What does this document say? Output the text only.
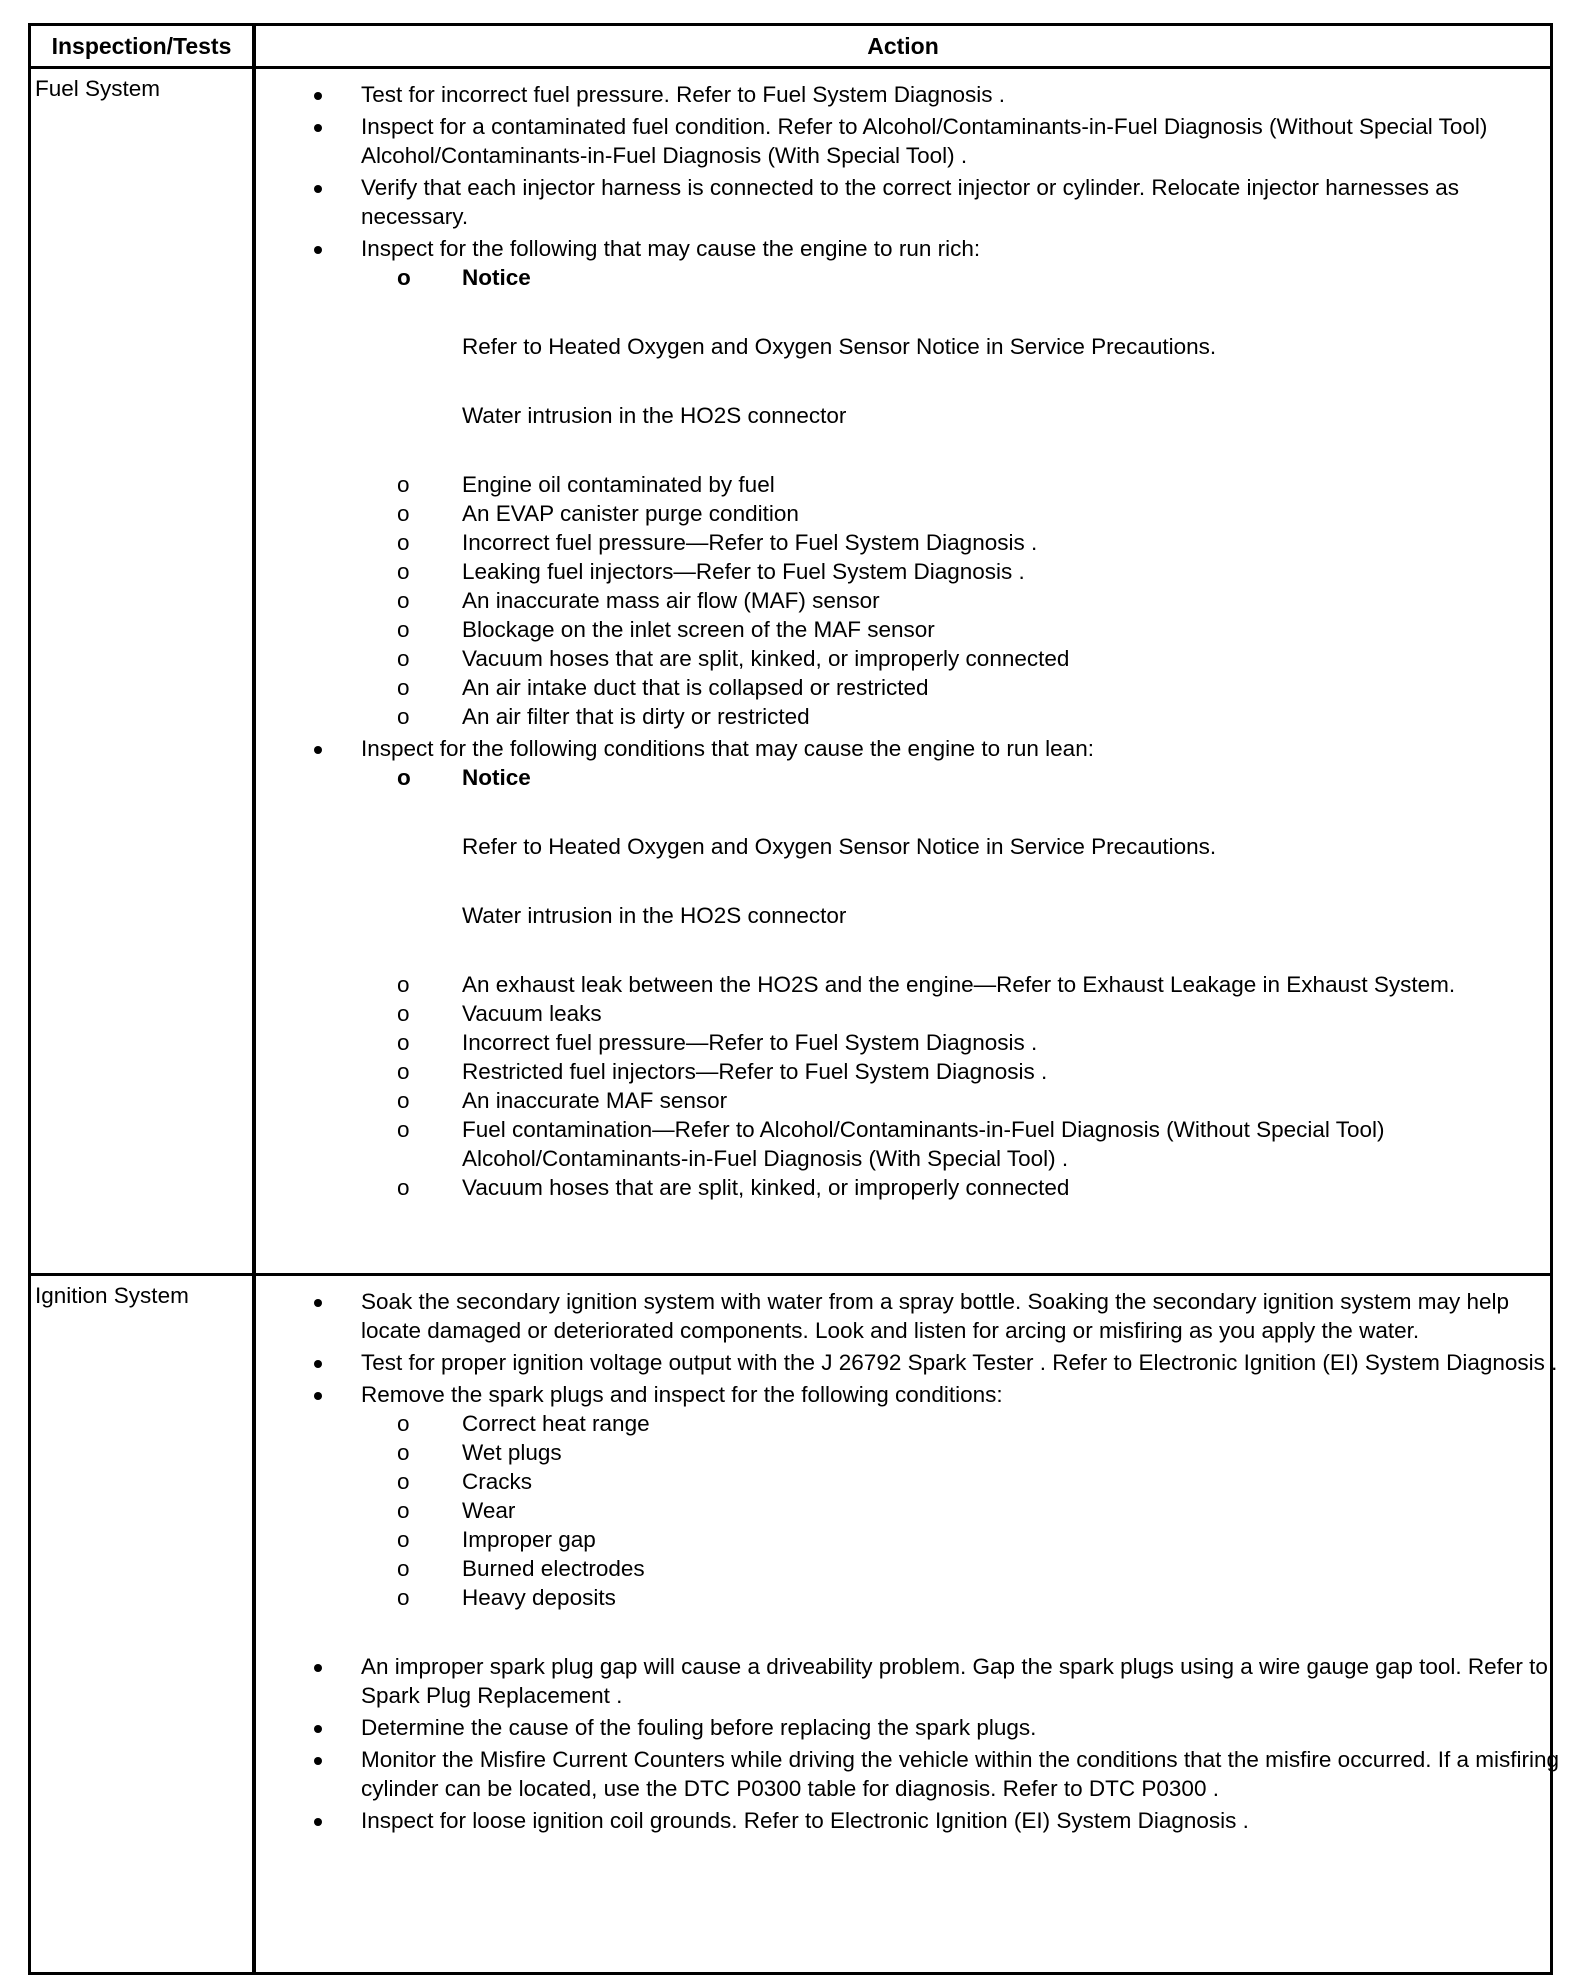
Inspection/Tests	Action
Fuel System	Test for incorrect fuel pressure. Refer to Fuel System Diagnosis .
Inspect for a contaminated fuel condition. Refer to Alcohol/Contaminants-in-Fuel Diagnosis (Without Special Tool) Alcohol/Contaminants-in-Fuel Diagnosis (With Special Tool) .
Verify that each injector harness is connected to the correct injector or cylinder. Relocate injector harnesses as necessary.
Inspect for the following that may cause the engine to run rich:
o Notice
Refer to Heated Oxygen and Oxygen Sensor Notice in Service Precautions.
Water intrusion in the HO2S connector
o Engine oil contaminated by fuel
o An EVAP canister purge condition
o Incorrect fuel pressure—Refer to Fuel System Diagnosis .
o Leaking fuel injectors—Refer to Fuel System Diagnosis .
o An inaccurate mass air flow (MAF) sensor
o Blockage on the inlet screen of the MAF sensor
o Vacuum hoses that are split, kinked, or improperly connected
o An air intake duct that is collapsed or restricted
o An air filter that is dirty or restricted
Inspect for the following conditions that may cause the engine to run lean:
o Notice
Refer to Heated Oxygen and Oxygen Sensor Notice in Service Precautions.
Water intrusion in the HO2S connector
o An exhaust leak between the HO2S and the engine—Refer to Exhaust Leakage in Exhaust System.
o Vacuum leaks
o Incorrect fuel pressure—Refer to Fuel System Diagnosis .
o Restricted fuel injectors—Refer to Fuel System Diagnosis .
o An inaccurate MAF sensor
o Fuel contamination—Refer to Alcohol/Contaminants-in-Fuel Diagnosis (Without Special Tool) Alcohol/Contaminants-in-Fuel Diagnosis (With Special Tool) .
o Vacuum hoses that are split, kinked, or improperly connected
Ignition System	Soak the secondary ignition system with water from a spray bottle. Soaking the secondary ignition system may help locate damaged or deteriorated components. Look and listen for arcing or misfiring as you apply the water.
Test for proper ignition voltage output with the J 26792 Spark Tester . Refer to Electronic Ignition (EI) System Diagnosis .
Remove the spark plugs and inspect for the following conditions:
o Correct heat range
o Wet plugs
o Cracks
o Wear
o Improper gap
o Burned electrodes
o Heavy deposits
An improper spark plug gap will cause a driveability problem. Gap the spark plugs using a wire gauge gap tool. Refer to Spark Plug Replacement .
Determine the cause of the fouling before replacing the spark plugs.
Monitor the Misfire Current Counters while driving the vehicle within the conditions that the misfire occurred. If a misfiring cylinder can be located, use the DTC P0300 table for diagnosis. Refer to DTC P0300 .
Inspect for loose ignition coil grounds. Refer to Electronic Ignition (EI) System Diagnosis .
